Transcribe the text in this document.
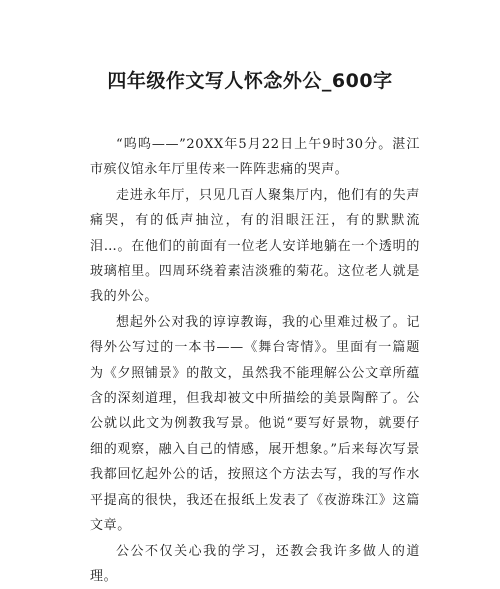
四年级作文写人怀念外公_600字

“呜呜——”20XX年5月22日上午9时30分。湛江市殡仪馆永年厅里传来一阵阵悲痛的哭声。

走进永年厅，只见几百人聚集厅内，他们有的失声痛哭，有的低声抽泣，有的泪眼汪汪，有的默默流泪…。在他们的前面有一位老人安详地躺在一个透明的玻璃棺里。四周环绕着素洁淡雅的菊花。这位老人就是我的外公。

想起外公对我的谆谆教诲，我的心里难过极了。记得外公写过的一本书——《舞台寄情》。里面有一篇题为《夕照铺景》的散文，虽然我不能理解公公文章所蕴含的深刻道理，但我却被文中所描绘的美景陶醉了。公公就以此文为例教我写景。他说“要写好景物，就要仔细的观察，融入自己的情感，展开想象。”后来每次写景我都回忆起外公的话，按照这个方法去写，我的写作水平提高的很快，我还在报纸上发表了《夜游珠江》这篇文章。

公公不仅关心我的学习，还教会我许多做人的道理。
